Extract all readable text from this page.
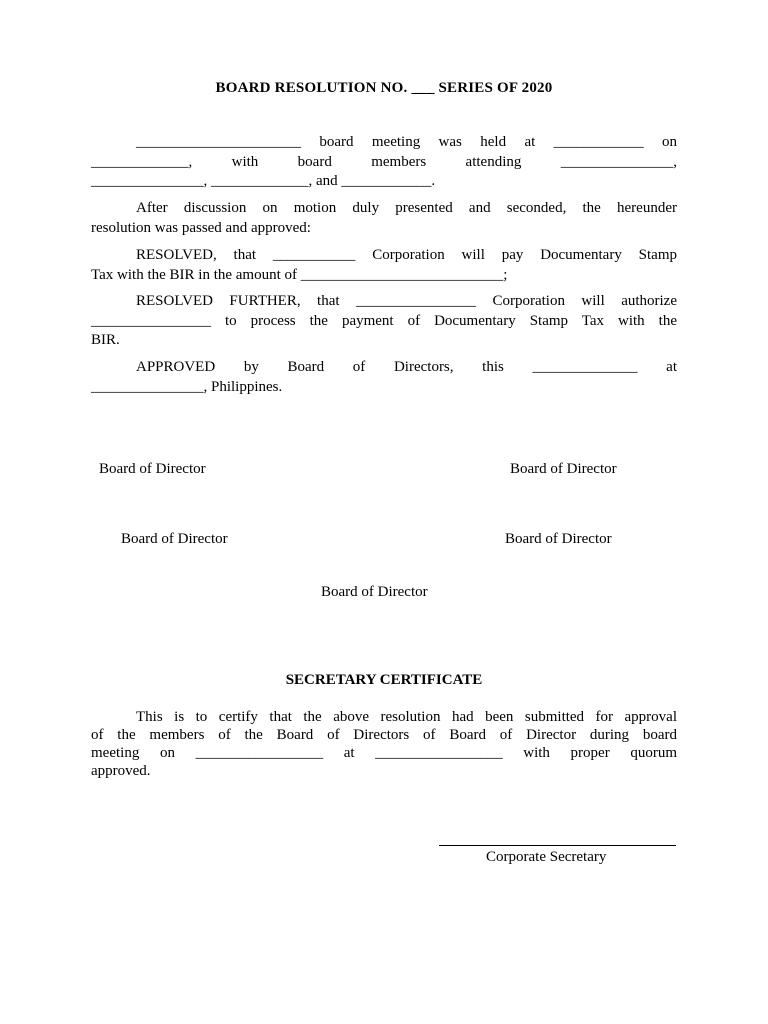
BOARD RESOLUTION NO. ___ SERIES OF 2020
______________________ board meeting was held at ____________ on
_____________, with board members attending _______________,
_______________, _____________, and ____________.
After discussion on motion duly presented and seconded, the hereunder
resolution was passed and approved:
RESOLVED, that ___________ Corporation will pay Documentary Stamp
Tax with the BIR in the amount of ___________________________;
RESOLVED FURTHER, that ________________ Corporation will authorize
________________ to process the payment of Documentary Stamp Tax with the
BIR.
APPROVED by Board of Directors, this ______________ at
_______________, Philippines.
Board of Director	Board of Director
Board of Director	Board of Director
Board of Director
SECRETARY CERTIFICATE
This is to certify that the above resolution had been submitted for approval
of the members of the Board of Directors of Board of Director during board
meeting on _________________ at _________________ with proper quorum
approved.
Corporate Secretary
